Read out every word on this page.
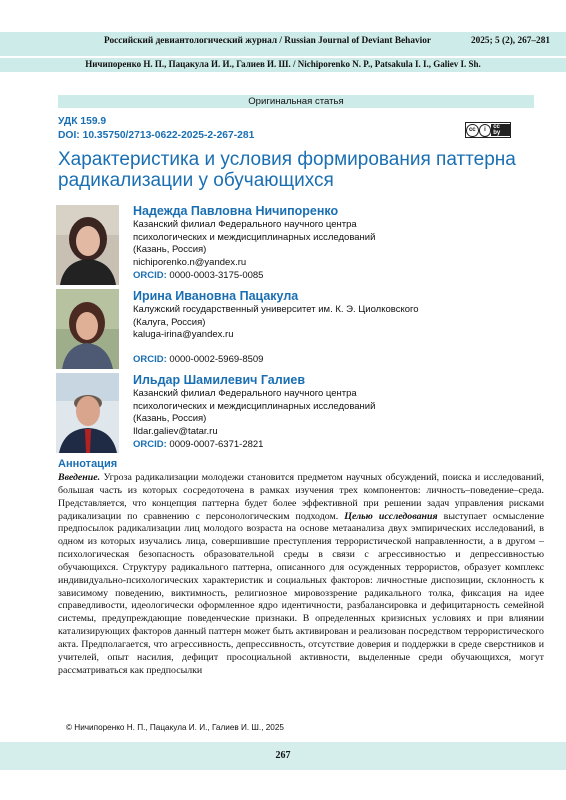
Российский девиантологический журнал / Russian Journal of Deviant Behavior	2025; 5 (2), 267–281
Ничипоренко Н. П., Пацакула И. И., Галиев И. Ш. / Nichiporenko N. P., Patsakula I. I., Galiev I. Sh.
Оригинальная статья
УДК 159.9
DOI: 10.35750/2713-0622-2025-2-267-281
cc	i	cc by
Характеристика и условия формирования паттерна радикализации у обучающихся
Надежда Павловна Ничипоренко
Казанский филиал Федерального научного центра
психологических и междисциплинарных исследований
(Казань, Россия)
nichiporenko.n@yandex.ru
ORCID: 0000-0003-3175-0085
Ирина Ивановна Пацакула
Калужский государственный университет им. К. Э. Циолковского
(Калуга, Россия)
kaluga-irina@yandex.ru
ORCID: 0000-0002-5969-8509
Ильдар Шамилевич Галиев
Казанский филиал Федерального научного центра
психологических и междисциплинарных исследований
(Казань, Россия)
Ildar.galiev@tatar.ru
ORCID: 0009-0007-6371-2821
Аннотация

Введение. Угроза радикализации молодежи становится предметом научных обсуждений, поиска и исследований, большая часть из которых сосредоточена в рамках изучения трех компонентов: личность–поведение–среда. Представляется, что концепция паттерна будет более эффективной при решении задач управления рисками радикализации по сравнению с персонологическим подходом. Целью исследования выступает осмысление предпосылок радикализации лиц молодого возраста на основе метаанализа двух эмпирических исследований, в одном из которых изучались лица, совершившие преступления террористической направленности, а в другом – психологическая безопасность образовательной среды в связи с агрессивностью и депрессивностью обучающихся. Структуру радикального паттерна, описанного для осужденных террористов, образует комплекс индивидуально-психологических характеристик и социальных факторов: личностные диспозиции, склонность к зависимому поведению, виктимность, религиозное мировоззрение радикального толка, фиксация на идее справедливости, идеологически оформленное ядро идентичности, разбалансировка и дефицитарность семейной системы, предупреждающие поведенческие признаки. В определенных кризисных условиях и при влиянии катализирующих факторов данный паттерн может быть активирован и реализован посредством террористического акта. Предполагается, что агрессивность, депрессивность, отсутствие доверия и поддержки в среде сверстников и учителей, опыт насилия, дефицит просоциальной активности, выделенные среди обучающихся, могут рассматриваться как предпосылки

© Ничипоренко Н. П., Пацакула И. И., Галиев И. Ш., 2025
267
